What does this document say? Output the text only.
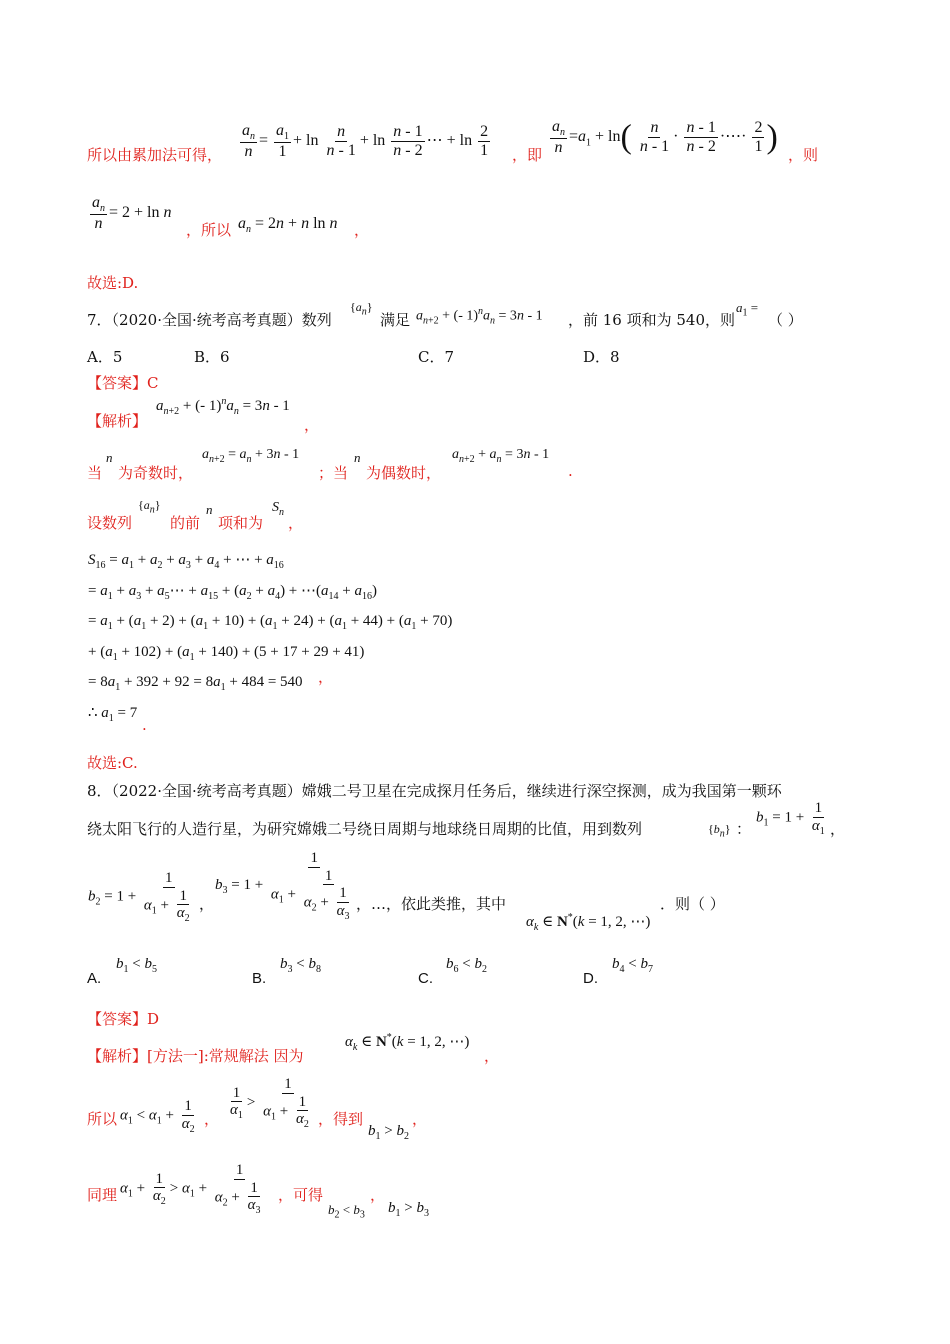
所以由累加法可得， $\frac{a_n}{n} = \frac{a_1}{1} + \ln \frac{n}{n - 1} + \ln \frac{n - 1}{n - 2}$ ⋯ + $\ln \frac{2}{1}$ ，即 $\frac{a_n}{n} =a_1 + \ln( \frac{n}{n - 1} \cdot \frac{n - 1}{n - 2}$ ·⋯· $\frac{2}{1}$ ) ，则
$\frac{a_n}{n} = 2 + \ln n$
，所以 $a_n = 2n + n$ ln n ，
故选:D.
7．（2020·全国·统考高考真题）数列
$\{a_n\}$
满足 $a_{n+2}$ + (- $1)^na_n = 3n - 1$ ，前 16 项和为 540，则
$a_1$ =
（ ）
A．5	B．6	C．7	D．8
【答案】C
【解析】
$a_{n+2}$ + (- $1)^na_n = 3n - 1$
，
当
n
为奇数时，
$a_{n+2} = a_n + 3n - 1$
；当
n
为偶数时，
$a_{n+2} + a_n = 3n - 1$
.
设数列
$\{a_n\}$
的前
n
项和为
$S_n$
，
$S_{16} = a_1 + a_2 + a_3 + a_4$ + ⋯ + $a_{16}$
= $a_1 + a_3$ + $a_5\cdots + a_{15} + (a_2 + a_4)$ + $\cdots(a_{14} + a_{16})$
= $a_1 + (a_1 + 2) + (a_1 + 10) + (a_1 + 24) + (a_1 + 44) + (a_1 + 70)$
+ $(a_1 + 102) + (a_1 + 140) + (5 + 17 + 29 + 41)$
= $8a_1 + 392 + 92 = 8a_1 + 484 = 540$	，
∴ $a_1 = 7$
.
故选:C.
8．（2022·全国·统考高考真题）嫦娥二号卫星在完成探月任务后，继续进行深空探测，成为我国第一颗环
绕太阳飞行的人造行星，为研究嫦娥二号绕日周期与地球绕日周期的比值，用到数列	$\{b_n\}$ ：
$b_1 = 1 + \frac{1}{\alpha_1}$ ，
$b_2 = 1 + \frac{1}{\alpha_1 + \frac{1}{\alpha_2}}$ ，
$b_3 = 1 + \frac{1}{\alpha_1 + \frac{1}{\alpha_2 + \frac{1}{\alpha_3}}}$
，…，依此类推，其中
$\alpha_k$ ∈ N*(k = 1, 2, ⋯)
．则（ ）
A.
$b_1 < b_5$
B.
$b_3 < b_8$
C.
$b_6 < b_2$
D.
$b_4 < b_7$
【答案】D
【解析】[方法一]:常规解法 因为
$\alpha_k$ ∈ N*(k = 1, 2, ⋯)
，
所以 $\alpha_1 < \alpha_1 + \frac{1}{\alpha_2}$ ， $\frac{1}{\alpha_1} > \frac{1}{\alpha_1 + \frac{1}{\alpha_2}}$ ，得到
$b_1 > b_2$
，
同理 $\alpha_1 + \frac{1}{\alpha_2} > \alpha_1 + \frac{1}{\alpha_2 + \frac{1}{\alpha_3}}$ ，可得
$b_2 < b_3$
，
$b_1 > b_3$
